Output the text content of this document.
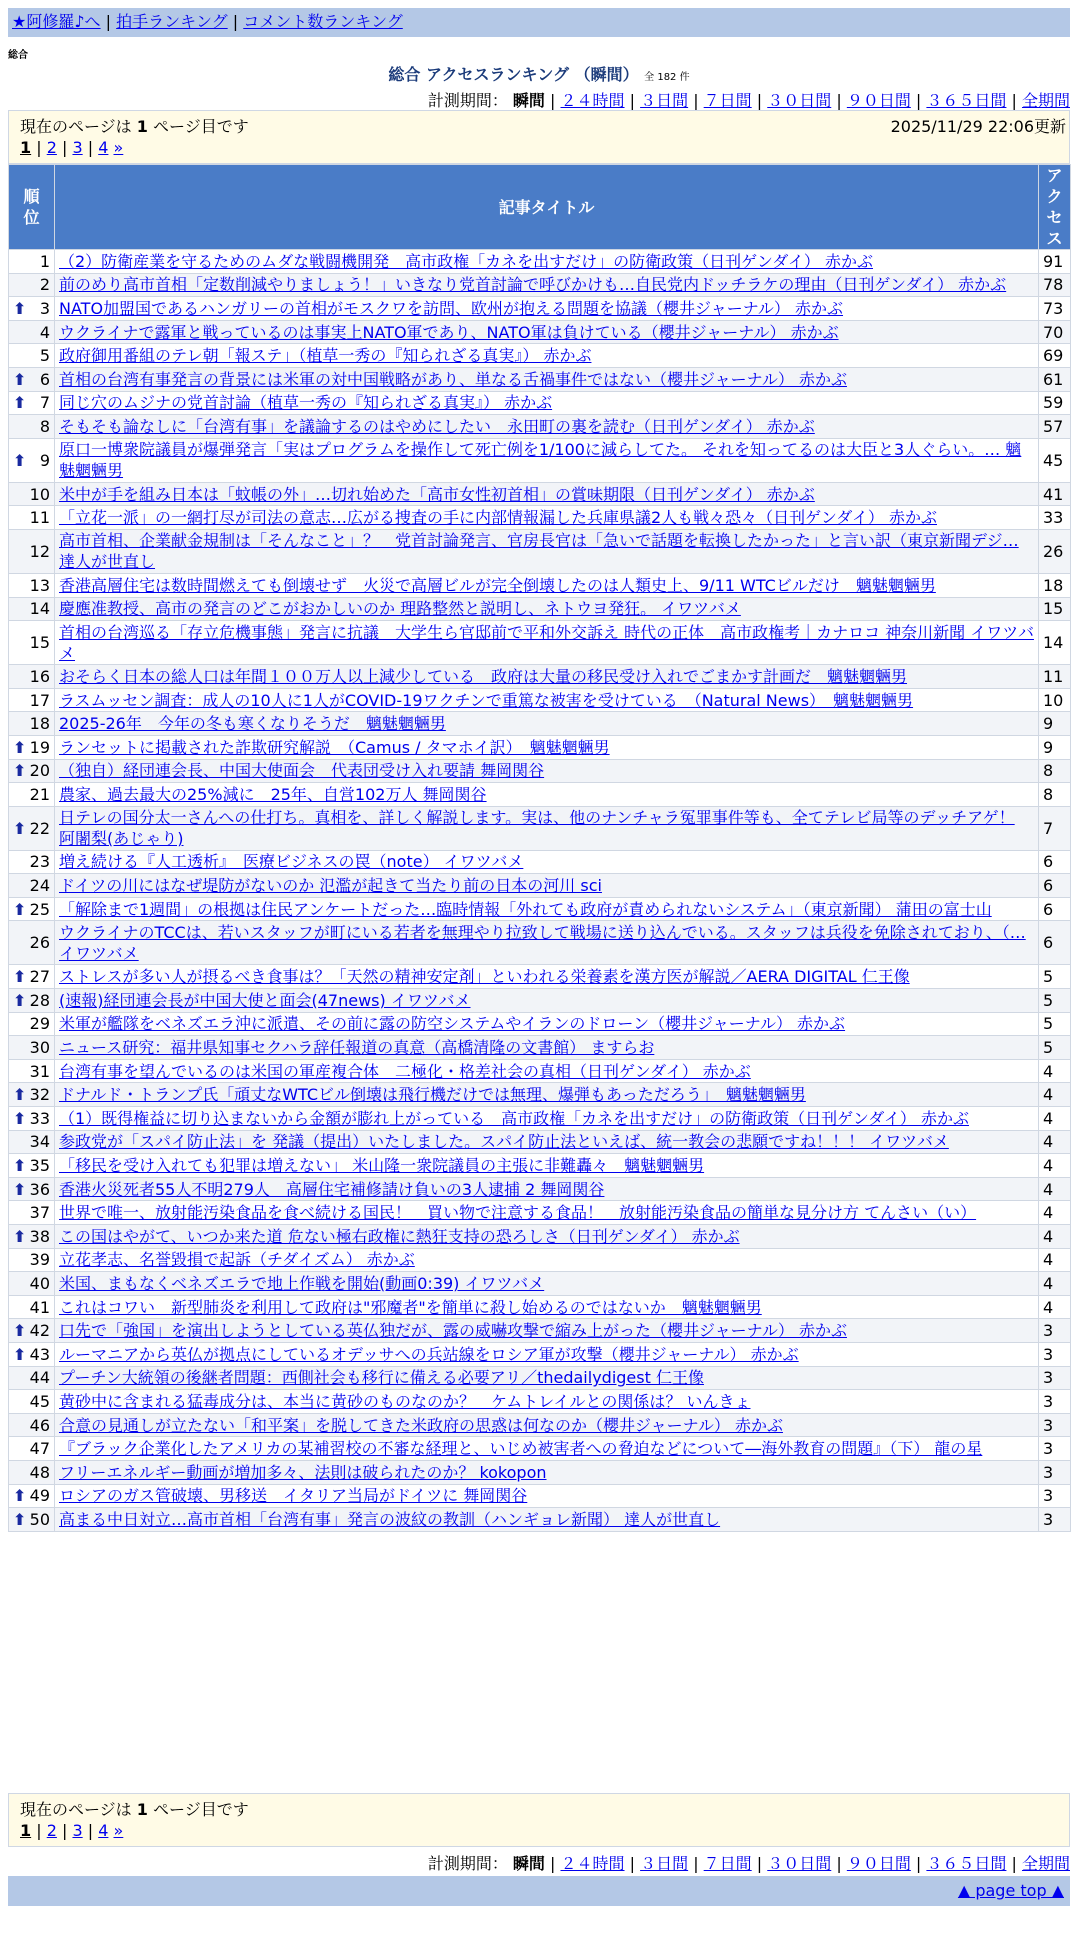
★阿修羅♪へ | 拍手ランキング | コメント数ランキング
総合
総合 アクセスランキング （瞬間） 全 182 件
計測期間： 瞬間 | ２４時間 | ３日間 | ７日間 | ３０日間 | ９０日間 | ３６５日間 | 全期間
現在のページは 1 ページ目です	2025/11/29 22:06更新
1 | 2 | 3 | 4 »
順位	記事タイトル	アクセス
1	（2）防衛産業を守るためのムダな戦闘機開発　高市政権「カネを出すだけ」の防衛政策（日刊ゲンダイ） 赤かぶ	91
2	前のめり高市首相「定数削減やりましょう！」いきなり党首討論で呼びかけも…自民党内ドッチラケの理由（日刊ゲンダイ） 赤かぶ	78

⬆ 3	NATO加盟国であるハンガリーの首相がモスクワを訪問、欧州が抱える問題を協議（櫻井ジャーナル） 赤かぶ	73
4	ウクライナで露軍と戦っているのは事実上NATO軍であり、NATO軍は負けている（櫻井ジャーナル） 赤かぶ	70
5	政府御用番組のテレ朝「報ステ」（植草一秀の『知られざる真実』） 赤かぶ	69

⬆ 6	首相の台湾有事発言の背景には米軍の対中国戦略があり、単なる舌禍事件ではない（櫻井ジャーナル） 赤かぶ	61

⬆ 7	同じ穴のムジナの党首討論（植草一秀の『知られざる真実』） 赤かぶ	59
8	そもそも論なしに「台湾有事」を議論するのはやめにしたい　永田町の裏を読む（日刊ゲンダイ） 赤かぶ	57

⬆ 9	原口一博衆院議員が爆弾発言「実はプログラムを操作して死亡例を1/100に減らしてた。 それを知ってるのは大臣と3人ぐらい。… 魑魅魍魎男	45
10	米中が手を組み日本は「蚊帳の外」…切れ始めた「高市女性初首相」の賞味期限（日刊ゲンダイ） 赤かぶ	41
11	「立花一派」の一網打尽が司法の意志…広がる捜査の手に内部情報漏した兵庫県議2人も戦々恐々（日刊ゲンダイ） 赤かぶ	33
12	高市首相、企業献金規制は「そんなこと」？　党首討論発言、官房長官は「急いで話題を転換したかった」と言い訳（東京新聞デジ… 達人が世直し	26
13	香港高層住宅は数時間燃えても倒壊せず　火災で高層ビルが完全倒壊したのは人類史上、9/11 WTCビルだけ　魑魅魍魎男	18
14	慶應准教授、高市の発言のどこがおかしいのか 理路整然と説明し、ネトウヨ発狂。 イワツバメ	15
15	首相の台湾巡る「存立危機事態」発言に抗議　大学生ら官邸前で平和外交訴え 時代の正体　高市政権考｜カナロコ 神奈川新聞 イワツバメ	14
16	おそらく日本の総人口は年間１００万人以上減少している　政府は大量の移民受け入れでごまかす計画だ　魑魅魍魎男	11
17	ラスムッセン調査：成人の10人に1人がCOVID-19ワクチンで重篤な被害を受けている　（Natural News）　魑魅魍魎男	10
18	2025-26年　今年の冬も寒くなりそうだ　魑魅魍魎男	9

⬆ 19	ランセットに掲載された詐欺研究解説　（Camus / タマホイ訳）　魑魅魍魎男	9

⬆ 20	（独自）経団連会長、中国大使面会　代表団受け入れ要請 舞岡関谷	8
21	農家、過去最大の25%減に　25年、自営102万人 舞岡関谷	8

⬆ 22	日テレの国分太一さんへの仕打ち。真相を、詳しく解説します。実は、他のナンチャラ冤罪事件等も、全てテレビ局等のデッチアゲ！ 阿闍梨(あじゃり)	7
23	増え続ける『人工透析』　医療ビジネスの罠（note） イワツバメ	6
24	ドイツの川にはなぜ堤防がないのか 氾濫が起きて当たり前の日本の河川 sci	6

⬆ 25	「解除まで1週間」の根拠は住民アンケートだった…臨時情報「外れても政府が責められないシステム」（東京新聞） 蒲田の富士山	6
26	ウクライナのTCCは、若いスタッフが町にいる若者を無理やり拉致して戦場に送り込んでいる。スタッフは兵役を免除されており、（… イワツバメ	6

⬆ 27	ストレスが多い人が摂るべき食事は？「天然の精神安定剤」といわれる栄養素を漢方医が解説／AERA DIGITAL 仁王像	5

⬆ 28	(速報)経団連会長が中国大使と面会(47news) イワツバメ	5
29	米軍が艦隊をベネズエラ沖に派遣、その前に露の防空システムやイランのドローン（櫻井ジャーナル） 赤かぶ	5
30	ニュース研究：福井県知事セクハラ辞任報道の真意（高橋清隆の文書館） ますらお	5
31	台湾有事を望んでいるのは米国の軍産複合体　二極化・格差社会の真相（日刊ゲンダイ） 赤かぶ	4

⬆ 32	ドナルド・トランプ氏「頑丈なWTCビル倒壊は飛行機だけでは無理、爆弾もあっただろう」　魑魅魍魎男	4

⬆ 33	（1）既得権益に切り込まないから金額が膨れ上がっている　高市政権「カネを出すだけ」の防衛政策（日刊ゲンダイ） 赤かぶ	4
34	参政党が「スパイ防止法」を 発議（提出）いたしました。スパイ防止法といえば、統一教会の悲願ですね！！！ イワツバメ	4

⬆ 35	「移民を受け入れても犯罪は増えない」 米山隆一衆院議員の主張に非難轟々　魑魅魍魎男	4

⬆ 36	香港火災死者55人不明279人　高層住宅補修請け負いの3人逮捕 2 舞岡関谷	4
37	世界で唯一、放射能汚染食品を食べ続ける国民！　買い物で注意する食品！　放射能汚染食品の簡単な見分け方 てんさい（い）	4

⬆ 38	この国はやがて、いつか来た道 危ない極右政権に熱狂支持の恐ろしさ（日刊ゲンダイ） 赤かぶ	4
39	立花孝志、名誉毀損で起訴（チダイズム） 赤かぶ	4
40	米国、まもなくベネズエラで地上作戦を開始(動画0:39) イワツバメ	4
41	これはコワい　新型肺炎を利用して政府は"邪魔者"を簡単に殺し始めるのではないか　魑魅魍魎男	4

⬆ 42	口先で「強国」を演出しようとしている英仏独だが、露の威嚇攻撃で縮み上がった（櫻井ジャーナル） 赤かぶ	3

⬆ 43	ルーマニアから英仏が拠点にしているオデッサへの兵站線をロシア軍が攻撃（櫻井ジャーナル） 赤かぶ	3
44	プーチン大統領の後継者問題：西側社会も移行に備える必要アリ／thedailydigest 仁王像	3
45	黄砂中に含まれる猛毒成分は、本当に黄砂のものなのか？　ケムトレイルとの関係は？ いんきょ	3
46	合意の見通しが立たない「和平案」を脱してきた米政府の思惑は何なのか（櫻井ジャーナル） 赤かぶ	3
47	『ブラック企業化したアメリカの某補習校の不審な経理と、いじめ被害者への脅迫などについて―海外教育の問題』（下） 龍の星	3
48	フリーエネルギー動画が増加多々、法則は破られたのか？ kokopon	3

⬆ 49	ロシアのガス管破壊、男移送　イタリア当局がドイツに 舞岡関谷	3

⬆ 50	高まる中日対立…高市首相「台湾有事」発言の波紋の教訓（ハンギョレ新聞） 達人が世直し	3
現在のページは 1 ページ目です
1 | 2 | 3 | 4 »
計測期間： 瞬間 | ２４時間 | ３日間 | ７日間 | ３０日間 | ９０日間 | ３６５日間 | 全期間
▲ page top ▲
